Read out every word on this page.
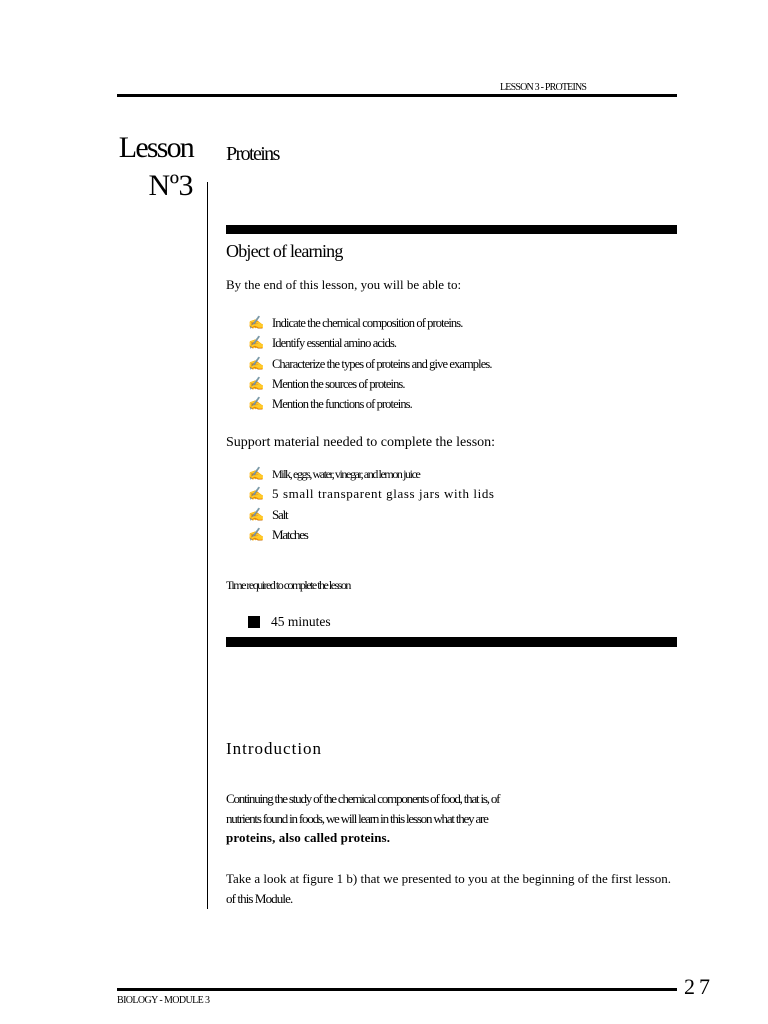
LESSON 3 - PROTEINS
Lesson
Nº3
Proteins
Object of learning
By the end of this lesson, you will be able to:
✍ Indicate the chemical composition of proteins.
✍ Identify essential amino acids.
✍ Characterize the types of proteins and give examples.
✍ Mention the sources of proteins.
✍ Mention the functions of proteins.
Support material needed to complete the lesson:
✍ Milk, eggs, water, vinegar, and lemon juice
✍ 5 small transparent glass jars with lids
✍ Salt
✍ Matches
Time required to complete the lesson
45 minutes
Introduction
Continuing the study of the chemical components of food, that is, of
nutrients found in foods, we will learn in this lesson what they are
proteins, also called proteins.
Take a look at figure 1 b) that we presented to you at the beginning of the first lesson.
of this Module.
27
BIOLOGY - MODULE 3
